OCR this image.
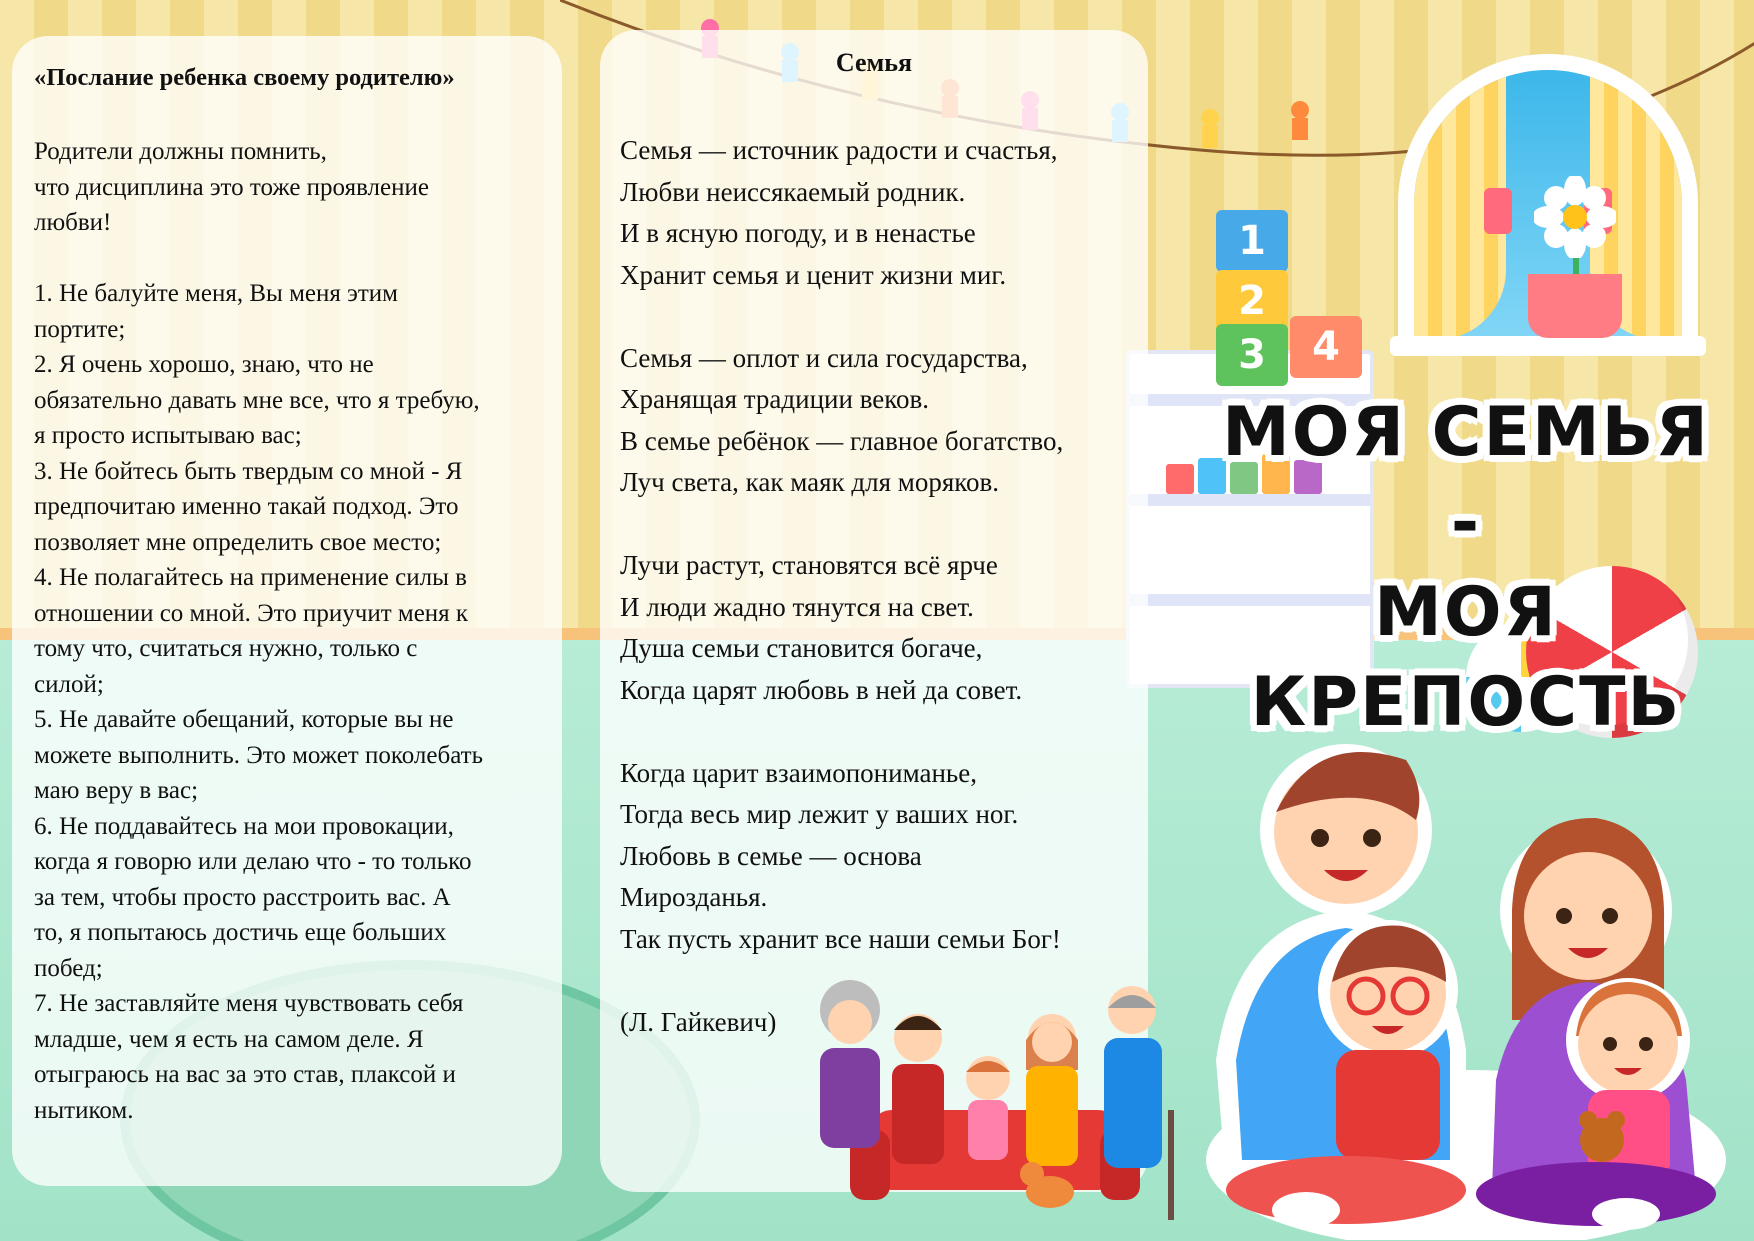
1
2
3	4
«Послание ребенка своему родителю»
Родители должны помнить,
что дисциплина это тоже проявление
любви!

1. Не балуйте меня, Вы меня этим
портите;
2. Я очень хорошо, знаю, что не
обязательно давать мне все, что я требую,
я просто испытываю вас;
3. Не бойтесь быть твердым со мной - Я
предпочитаю именно такай подход. Это
позволяет мне определить свое место;
4. Не полагайтесь на применение силы в
отношении со мной. Это приучит меня к
тому что, считаться нужно, только с
силой;
5. Не давайте обещаний, которые вы не
можете выполнить. Это может поколебать
маю веру в вас;
6. Не поддавайтесь на мои провокации,
когда я говорю или делаю что - то только
за тем, чтобы просто расстроить вас. А
то, я попытаюсь достичь еще больших
побед;
7. Не заставляйте меня чувствовать себя
младше, чем я есть на самом деле. Я
отыграюсь на вас за это став, плаксой и
нытиком.
Семья
Семья — источник радости и счастья,
Любви неиссякаемый родник.
И в ясную погоду, и в ненастье
Хранит семья и ценит жизни миг.
Семья — оплот и сила государства,
Хранящая традиции веков.
В семье ребёнок — главное богатство,
Луч света, как маяк для моряков.
Лучи растут, становятся всё ярче
И люди жадно тянутся на свет.
Душа семьи становится богаче,
Когда царят любовь в ней да совет.
Когда царит взаимопониманье,
Тогда весь мир лежит у ваших ног.
Любовь в семье — основа
Мирозданья.
Так пусть хранит все наши семьи Бог!
(Л. Гайкевич)
МОЯ СЕМЬЯ -
МОЯ КРЕПОСТЬ
